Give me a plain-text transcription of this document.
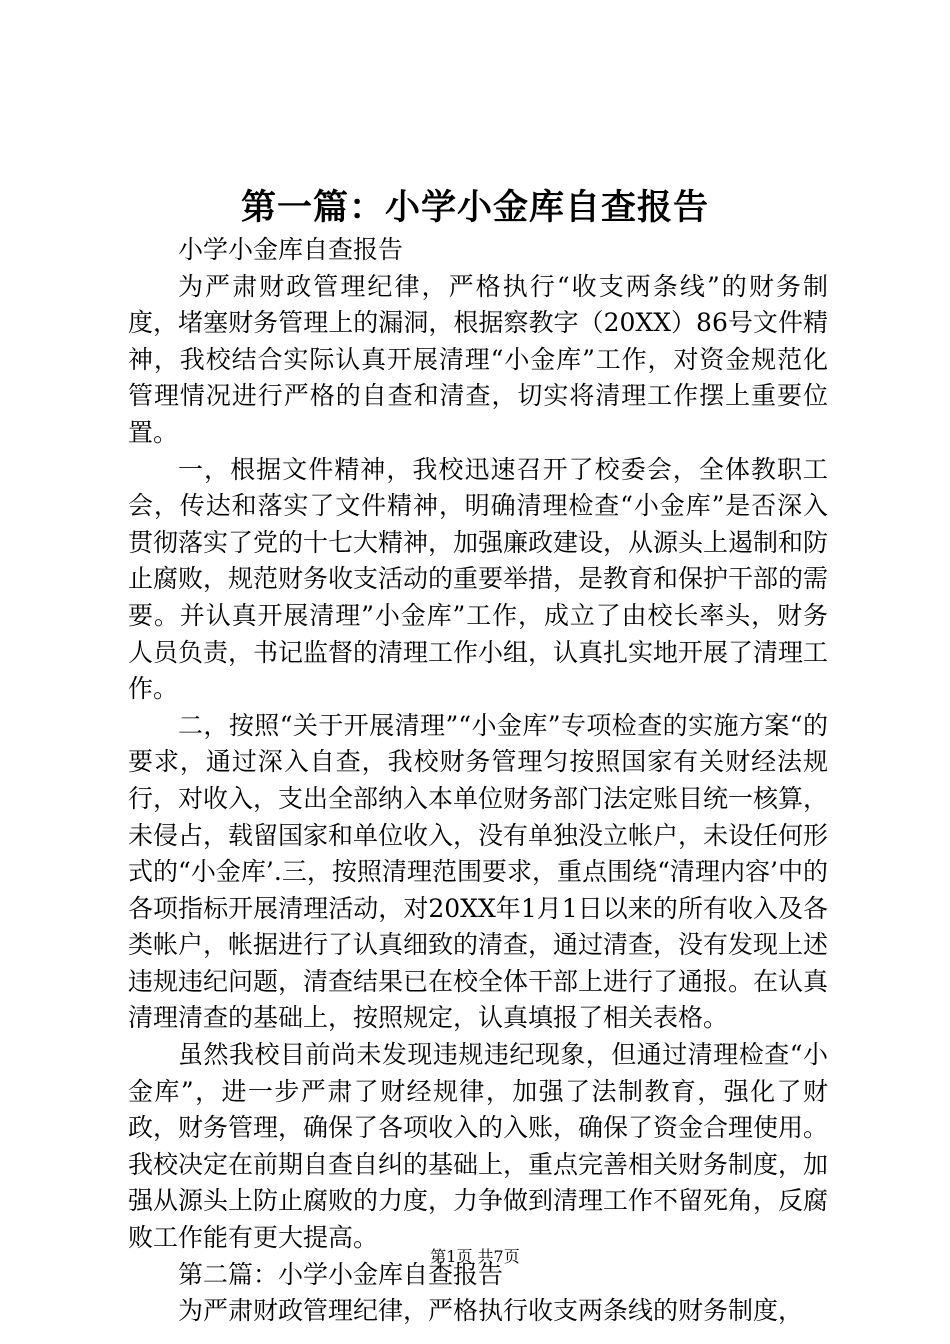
第一篇：小学小金库自查报告

小学小金库自查报告

为严肃财政管理纪律，严格执行“收支两条线”的财务制度，堵塞财务管理上的漏洞，根据察教字（20XX）86号文件精神，我校结合实际认真开展清理“小金库”工作，对资金规范化管理情况进行严格的自查和清查，切实将清理工作摆上重要位置。

一，根据文件精神，我校迅速召开了校委会，全体教职工会，传达和落实了文件精神，明确清理检查“小金库”是否深入贯彻落实了党的十七大精神，加强廉政建设，从源头上遏制和防止腐败，规范财务收支活动的重要举措，是教育和保护干部的需要。并认真开展清理”小金库”工作，成立了由校长率头，财务人员负责，书记监督的清理工作小组，认真扎实地开展了清理工作。

二，按照“关于开展清理”“小金库”专项检查的实施方案“的要求，通过深入自查，我校财务管理匀按照国家有关财经法规行，对收入，支出全部纳入本单位财务部门法定账目统一核算，未侵占，载留国家和单位收入，没有单独没立帐户，未设任何形式的“小金库’.三，按照清理范围要求，重点围绕“清理内容’中的各项指标开展清理活动，对20XX年1月1日以来的所有收入及各类帐户，帐据进行了认真细致的清查，通过清查，没有发现上述违规违纪问题，清查结果已在校全体干部上进行了通报。在认真清理清查的基础上，按照规定，认真填报了相关表格。

虽然我校目前尚未发现违规违纪现象，但通过清理检查“小金库”，进一步严肃了财经规律，加强了法制教育，强化了财政，财务管理，确保了各项收入的入账，确保了资金合理使用。我校决定在前期自查自纠的基础上，重点完善相关财务制度，加强从源头上防止腐败的力度，力争做到清理工作不留死角，反腐败工作能有更大提高。

第二篇：小学小金库自查报告

为严肃财政管理纪律，严格执行收支两条线的财务制度，

第1页 共7页
